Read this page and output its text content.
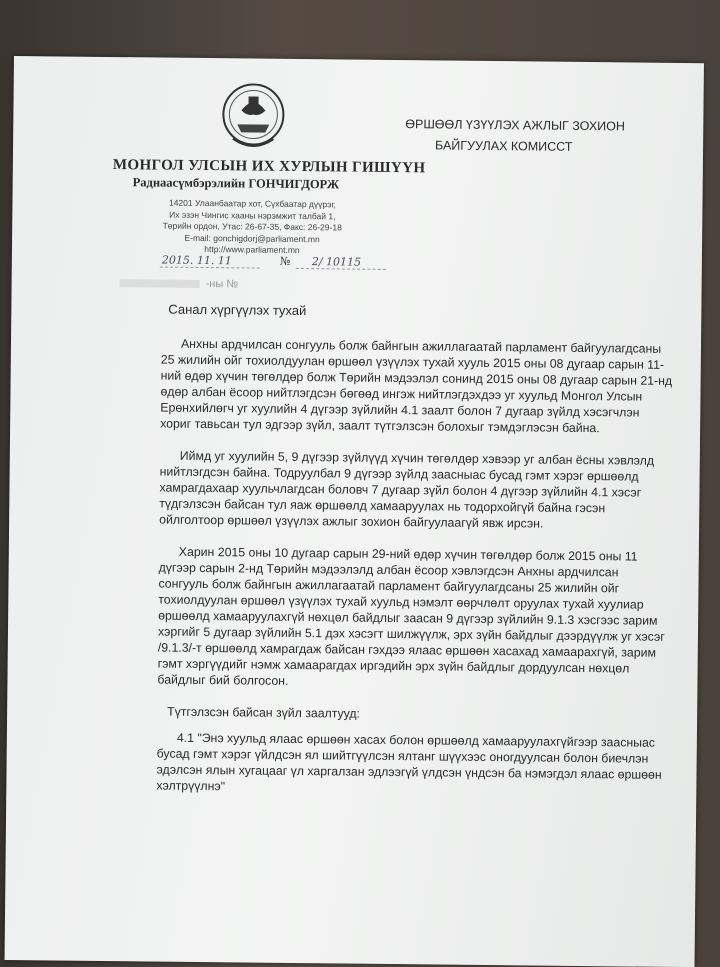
МОНГОЛ УЛСЫН ИХ ХУРЛЫН ГИШҮҮН
Раднаасүмбэрэлийн ГОНЧИГДОРЖ
14201 Улаанбаатар хот, Сүхбаатар дүүрэг,
Их эзэн Чингис хааны нэрэмжит талбай 1,
Төрийн ордон, Утас: 26-67-35, Факс: 26-29-18
E-mail: gonchigdorj@parliament.mn
http://www.parliament.mn
2015. 11. 11	№ 2/ 10115
-ны №
ӨРШӨӨЛ ҮЗҮҮЛЭХ АЖЛЫГ ЗОХИОН
БАЙГУУЛАХ КОМИССТ
Санал хүргүүлэх тухай

Анхны ардчилсан сонгууль болж байнгын ажиллагаатай парламент байгуулагдсаны 25 жилийн ойг тохиолдуулан өршөөл үзүүлэх тухай хууль 2015 оны 08 дугаар сарын 11-ний өдөр хүчин төгөлдөр болж Төрийн мэдээлэл сонинд 2015 оны 08 дугаар сарын 21-нд өдөр албан ёсоор нийтлэгдсэн бөгөөд ингэж нийтлэгдэхдээ уг хуульд Монгол Улсын Ерөнхийлөгч уг хуулийн 4 дүгээр зүйлийн 4.1 заалт болон 7 дугаар зүйлд хэсэгчлэн хориг тавьсан тул эдгээр зүйл, заалт түтгэлзсэн болохыг тэмдэглэсэн байна.

Иймд уг хуулийн 5, 9 дүгээр зүйлүүд хүчин төгөлдөр хэвээр уг албан ёсны хэвлэлд нийтлэгдсэн байна. Тодруулбал 9 дүгээр зүйлд заасныас бусад гэмт хэрэг өршөөлд хамрагдахаар хуульчлагдсан боловч 7 дугаар зүйл болон 4 дүгээр зүйлийн 4.1 хэсэг түдгэлзсэн байсан тул яаж өршөөлд хамааруулах нь тодорхойгүй байна гэсэн ойлголтоор өршөөл үзүүлэх ажлыг зохион байгуулаагүй явж ирсэн.

Харин 2015 оны 10 дугаар сарын 29-ний өдөр хүчин төгөлдөр болж 2015 оны 11 дүгээр сарын 2-нд Төрийн мэдээлэлд албан ёсоор хэвлэгдсэн Анхны ардчилсан сонгууль болж байнгын ажиллагаатай парламент байгуулагдсаны 25 жилийн ойг тохиолдуулан өршөөл үзүүлэх тухай хуульд нэмэлт өөрчлөлт оруулах тухай хуулиар өршөөлд хамааруулахгүй нөхцөл байдлыг заасан 9 дүгээр зүйлийн 9.1.3 хэсгээс зарим хэргийг 5 дугаар зүйлийн 5.1 дэх хэсэгт шилжүүлж, эрх зүйн байдлыг дээрдүүлж уг хэсэг /9.1.3/-т өршөөлд хамрагдаж байсан гэхдээ ялаас өршөөн хасахад хамаарахгүй, зарим гэмт хэргүүдийг нэмж хамаарагдах иргэдийн эрх зүйн байдлыг дордуулсан нөхцөл байдлыг бий болгосон.

Түтгэлзсэн байсан зүйл заалтууд:

4.1 "Энэ хуульд ялаас өршөөн хасах болон өршөөлд хамааруулахгүйгээр заасныас бусад гэмт хэрэг үйлдсэн ял шийтгүүлсэн ялтанг шүүхээс оногдуулсан болон биечлэн эдэлсэн ялын хугацааг үл харгалзан эдлээгүй үлдсэн үндсэн ба нэмэгдэл ялаас өршөөн хэлтрүүлнэ"
